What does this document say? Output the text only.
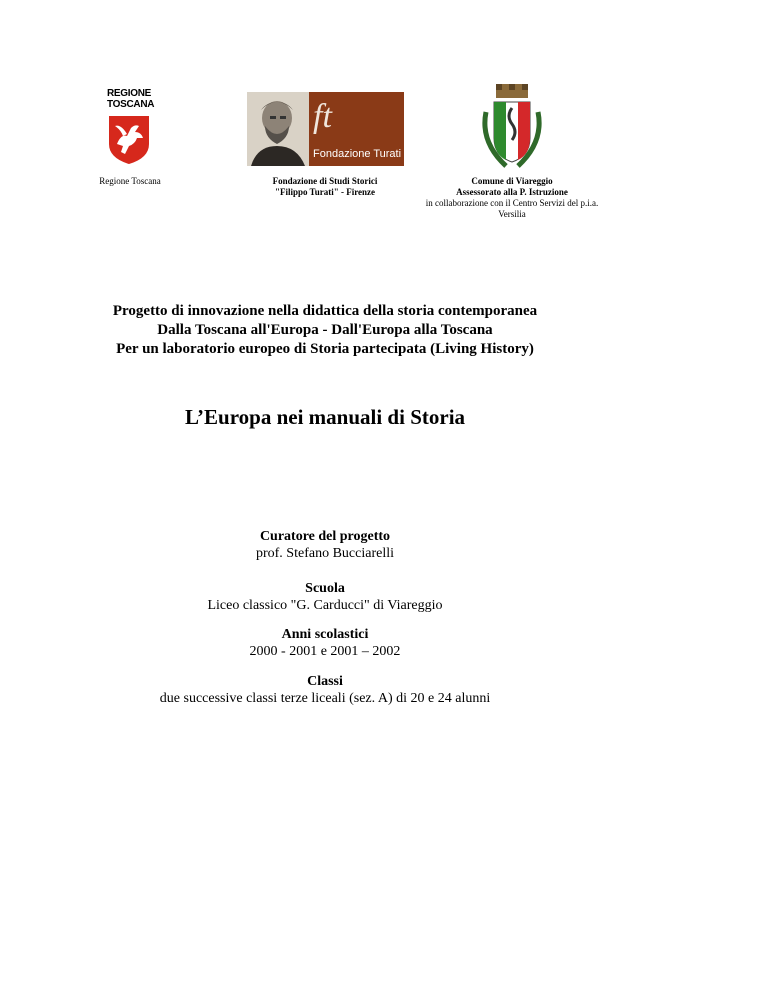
REGIONE
TOSCANA
Regione Toscana
ft
Fondazione Turati
Fondazione di Studi Storici
"Filippo Turati" - Firenze
Comune di Viareggio
Assessorato alla P. Istruzione
in collaborazione con il Centro Servizi del p.i.a.
Versilia
Progetto di innovazione nella didattica della storia contemporanea
Dalla Toscana all'Europa - Dall'Europa alla Toscana
Per un laboratorio europeo di Storia partecipata (Living History)
L’Europa nei manuali di Storia
Curatore del progetto
prof. Stefano Bucciarelli
Scuola
Liceo classico "G. Carducci" di Viareggio
Anni scolastici
2000 - 2001 e 2001 – 2002
Classi
due successive classi terze liceali (sez. A) di 20 e 24 alunni
